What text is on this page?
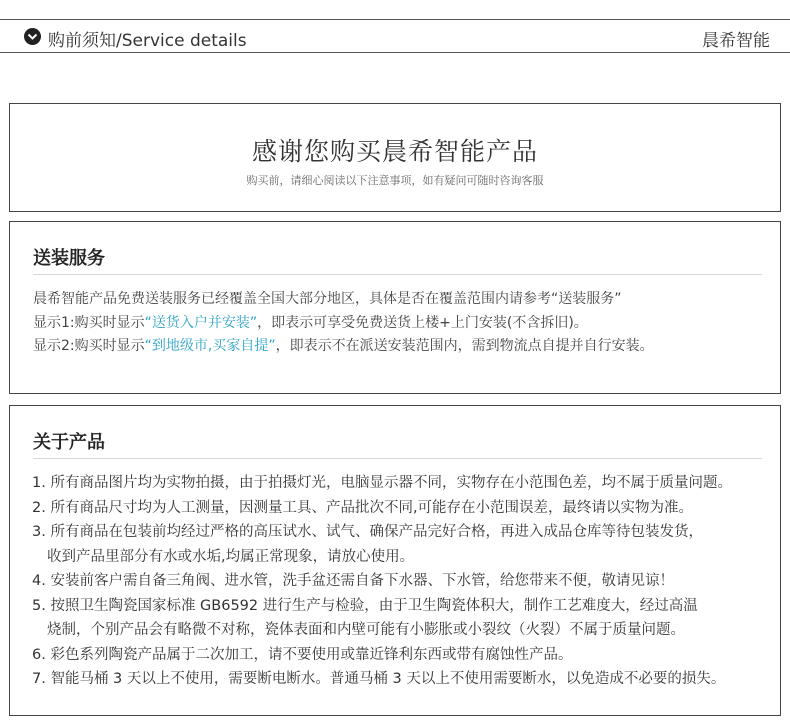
购前须知/Service details	晨希智能
感谢您购买晨希智能产品
购买前，请细心阅读以下注意事项，如有疑问可随时咨询客服
送装服务
晨希智能产品免费送装服务已经覆盖全国大部分地区，具体是否在覆盖范围内请参考“送装服务”
显示1:购买时显示“送货入户并安装”，即表示可享受免费送货上楼+上门安装(不含拆旧)。
显示2:购买时显示“到地级市,买家自提”，即表示不在派送安装范围内，需到物流点自提并自行安装。
关于产品
1. 所有商品图片均为实物拍摄，由于拍摄灯光，电脑显示器不同，实物存在小范围色差，均不属于质量问题。
2. 所有商品尺寸均为人工测量，因测量工具、产品批次不同,可能存在小范围误差，最终请以实物为准。
3. 所有商品在包装前均经过严格的高压试水、试气、确保产品完好合格，再进入成品仓库等待包装发货，
收到产品里部分有水或水垢,均属正常现象，请放心使用。
4. 安装前客户需自备三角阀、进水管，洗手盆还需自备下水器、下水管，给您带来不便，敬请见谅！
5. 按照卫生陶瓷国家标准 GB6592 进行生产与检验，由于卫生陶瓷体积大，制作工艺难度大，经过高温
烧制，个别产品会有略微不对称，瓷体表面和内壁可能有小膨胀或小裂纹（火裂）不属于质量问题。
6. 彩色系列陶瓷产品属于二次加工，请不要使用或靠近锋利东西或带有腐蚀性产品。
7. 智能马桶 3 天以上不使用，需要断电断水。普通马桶 3 天以上不使用需要断水，以免造成不必要的损失。
